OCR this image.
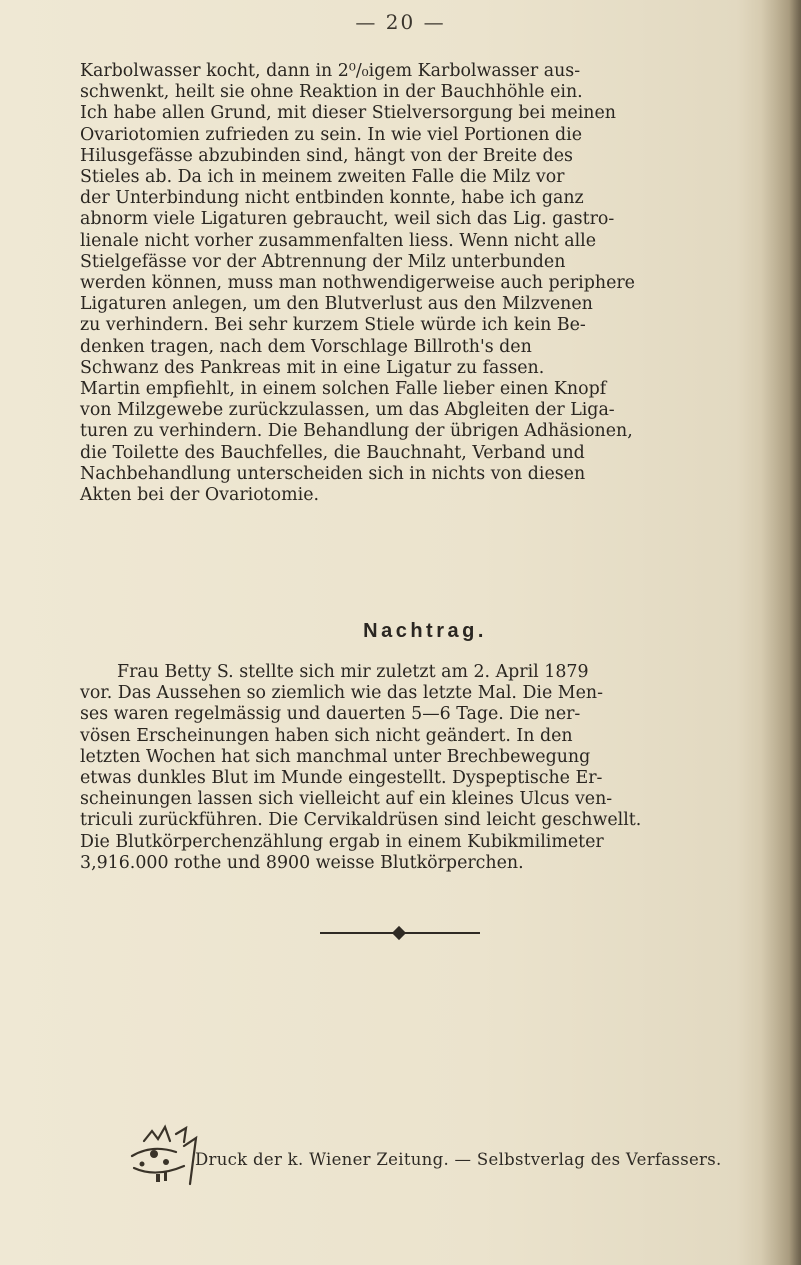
— 20 —

Karbolwasser kocht, dann in 2⁰/₀igem Karbolwasser aus-

schwenkt, heilt sie ohne Reaktion in der Bauchhöhle ein.

Ich habe allen Grund, mit dieser Stielversorgung bei meinen

Ovariotomien zufrieden zu sein. In wie viel Portionen die

Hilusgefässe abzubinden sind, hängt von der Breite des

Stieles ab. Da ich in meinem zweiten Falle die Milz vor

der Unterbindung nicht entbinden konnte, habe ich ganz

abnorm viele Ligaturen gebraucht, weil sich das Lig. gastro-

lienale nicht vorher zusammenfalten liess. Wenn nicht alle

Stielgefässe vor der Abtrennung der Milz unterbunden

werden können, muss man nothwendigerweise auch periphere

Ligaturen anlegen, um den Blutverlust aus den Milzvenen

zu verhindern. Bei sehr kurzem Stiele würde ich kein Be-

denken tragen, nach dem Vorschlage Billroth's den

Schwanz des Pankreas mit in eine Ligatur zu fassen.

Martin empfiehlt, in einem solchen Falle lieber einen Knopf

von Milzgewebe zurückzulassen, um das Abgleiten der Liga-

turen zu verhindern. Die Behandlung der übrigen Adhäsionen,

die Toilette des Bauchfelles, die Bauchnaht, Verband und

Nachbehandlung unterscheiden sich in nichts von diesen

Akten bei der Ovariotomie.

Nachtrag.

Frau Betty S. stellte sich mir zuletzt am 2. April 1879

vor. Das Aussehen so ziemlich wie das letzte Mal. Die Men-

ses waren regelmässig und dauerten 5—6 Tage. Die ner-

vösen Erscheinungen haben sich nicht geändert. In den

letzten Wochen hat sich manchmal unter Brechbewegung

etwas dunkles Blut im Munde eingestellt. Dyspeptische Er-

scheinungen lassen sich vielleicht auf ein kleines Ulcus ven-

triculi zurückführen. Die Cervikaldrüsen sind leicht geschwellt.

Die Blutkörperchenzählung ergab in einem Kubikmilimeter

3,916.000 rothe und 8900 weisse Blutkörperchen.

Druck der k. Wiener Zeitung. — Selbstverlag des Verfassers.
